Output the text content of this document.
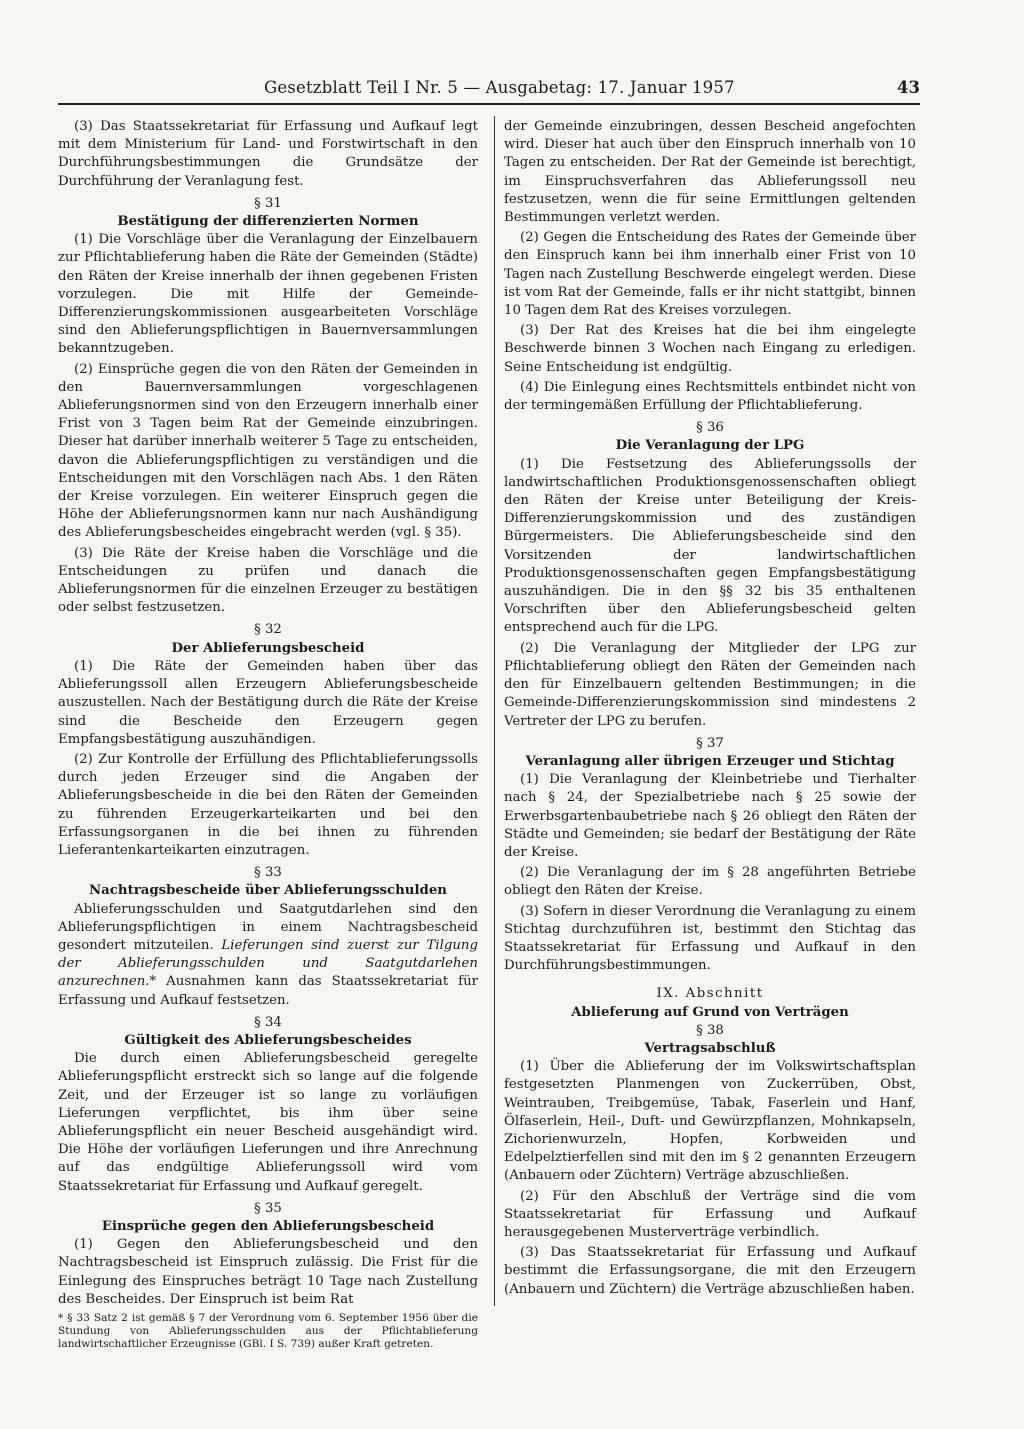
Gesetzblatt Teil I Nr. 5 — Ausgabetag: 17. Januar 1957	43

(3) Das Staatssekretariat für Erfassung und Aufkauf legt mit dem Ministerium für Land- und Forstwirtschaft in den Durchführungsbestimmungen die Grundsätze der Durchführung der Veranlagung fest.

§ 31
Bestätigung der differenzierten Normen

(1) Die Vorschläge über die Veranlagung der Einzelbauern zur Pflichtablieferung haben die Räte der Gemeinden (Städte) den Räten der Kreise innerhalb der ihnen gegebenen Fristen vorzulegen. Die mit Hilfe der Gemeinde-Differenzierungskommissionen ausgearbeiteten Vorschläge sind den Ablieferungspflichtigen in Bauernversammlungen bekanntzugeben.

(2) Einsprüche gegen die von den Räten der Gemeinden in den Bauernversammlungen vorgeschlagenen Ablieferungsnormen sind von den Erzeugern innerhalb einer Frist von 3 Tagen beim Rat der Gemeinde einzubringen. Dieser hat darüber innerhalb weiterer 5 Tage zu entscheiden, davon die Ablieferungspflichtigen zu verständigen und die Entscheidungen mit den Vorschlägen nach Abs. 1 den Räten der Kreise vorzulegen. Ein weiterer Einspruch gegen die Höhe der Ablieferungsnormen kann nur nach Aushändigung des Ablieferungsbescheides eingebracht werden (vgl. § 35).

(3) Die Räte der Kreise haben die Vorschläge und die Entscheidungen zu prüfen und danach die Ablieferungsnormen für die einzelnen Erzeuger zu bestätigen oder selbst festzusetzen.

§ 32
Der Ablieferungsbescheid

(1) Die Räte der Gemeinden haben über das Ablieferungssoll allen Erzeugern Ablieferungsbescheide auszustellen. Nach der Bestätigung durch die Räte der Kreise sind die Bescheide den Erzeugern gegen Empfangsbestätigung auszuhändigen.

(2) Zur Kontrolle der Erfüllung des Pflichtablieferungssolls durch jeden Erzeuger sind die Angaben der Ablieferungsbescheide in die bei den Räten der Gemeinden zu führenden Erzeugerkarteikarten und bei den Erfassungsorganen in die bei ihnen zu führenden Lieferantenkarteikarten einzutragen.

§ 33
Nachtragsbescheide über Ablieferungsschulden

Ablieferungsschulden und Saatgutdarlehen sind den Ablieferungspflichtigen in einem Nachtragsbescheid gesondert mitzuteilen. Lieferungen sind zuerst zur Tilgung der Ablieferungsschulden und Saatgutdarlehen anzurechnen.* Ausnahmen kann das Staatssekretariat für Erfassung und Aufkauf festsetzen.

§ 34
Gültigkeit des Ablieferungsbescheides

Die durch einen Ablieferungsbescheid geregelte Ablieferungspflicht erstreckt sich so lange auf die folgende Zeit, und der Erzeuger ist so lange zu vorläufigen Lieferungen verpflichtet, bis ihm über seine Ablieferungspflicht ein neuer Bescheid ausgehändigt wird. Die Höhe der vorläufigen Lieferungen und ihre Anrechnung auf das endgültige Ablieferungssoll wird vom Staatssekretariat für Erfassung und Aufkauf geregelt.

§ 35
Einsprüche gegen den Ablieferungsbescheid

(1) Gegen den Ablieferungsbescheid und den Nachtragsbescheid ist Einspruch zulässig. Die Frist für die Einlegung des Einspruches beträgt 10 Tage nach Zustellung des Bescheides. Der Einspruch ist beim Rat

* § 33 Satz 2 ist gemäß § 7 der Verordnung vom 6. September 1956 über die Stundung von Ablieferungsschulden aus der Pflichtablieferung landwirtschaftlicher Erzeugnisse (GBl. I S. 739) außer Kraft getreten.

der Gemeinde einzubringen, dessen Bescheid angefochten wird. Dieser hat auch über den Einspruch innerhalb von 10 Tagen zu entscheiden. Der Rat der Gemeinde ist berechtigt, im Einspruchsverfahren das Ablieferungssoll neu festzusetzen, wenn die für seine Ermittlungen geltenden Bestimmungen verletzt werden.

(2) Gegen die Entscheidung des Rates der Gemeinde über den Einspruch kann bei ihm innerhalb einer Frist von 10 Tagen nach Zustellung Beschwerde eingelegt werden. Diese ist vom Rat der Gemeinde, falls er ihr nicht stattgibt, binnen 10 Tagen dem Rat des Kreises vorzulegen.

(3) Der Rat des Kreises hat die bei ihm eingelegte Beschwerde binnen 3 Wochen nach Eingang zu erledigen. Seine Entscheidung ist endgültig.

(4) Die Einlegung eines Rechtsmittels entbindet nicht von der termingemäßen Erfüllung der Pflichtablieferung.

§ 36
Die Veranlagung der LPG

(1) Die Festsetzung des Ablieferungssolls der landwirtschaftlichen Produktionsgenossenschaften obliegt den Räten der Kreise unter Beteiligung der Kreis-Differenzierungskommission und des zuständigen Bürgermeisters. Die Ablieferungsbescheide sind den Vorsitzenden der landwirtschaftlichen Produktionsgenossenschaften gegen Empfangsbestätigung auszuhändigen. Die in den §§ 32 bis 35 enthaltenen Vorschriften über den Ablieferungsbescheid gelten entsprechend auch für die LPG.

(2) Die Veranlagung der Mitglieder der LPG zur Pflichtablieferung obliegt den Räten der Gemeinden nach den für Einzelbauern geltenden Bestimmungen; in die Gemeinde-Differenzierungskommission sind mindestens 2 Vertreter der LPG zu berufen.

§ 37
Veranlagung aller übrigen Erzeuger und Stichtag

(1) Die Veranlagung der Kleinbetriebe und Tierhalter nach § 24, der Spezialbetriebe nach § 25 sowie der Erwerbsgartenbaubetriebe nach § 26 obliegt den Räten der Städte und Gemeinden; sie bedarf der Bestätigung der Räte der Kreise.

(2) Die Veranlagung der im § 28 angeführten Betriebe obliegt den Räten der Kreise.

(3) Sofern in dieser Verordnung die Veranlagung zu einem Stichtag durchzuführen ist, bestimmt den Stichtag das Staatssekretariat für Erfassung und Aufkauf in den Durchführungsbestimmungen.

IX. Abschnitt
Ablieferung auf Grund von Verträgen
§ 38
Vertragsabschluß

(1) Über die Ablieferung der im Volkswirtschaftsplan festgesetzten Planmengen von Zuckerrüben, Obst, Weintrauben, Treibgemüse, Tabak, Faserlein und Hanf, Ölfaserlein, Heil-, Duft- und Gewürzpflanzen, Mohnkapseln, Zichorienwurzeln, Hopfen, Korbweiden und Edelpelztierfellen sind mit den im § 2 genannten Erzeugern (Anbauern oder Züchtern) Verträge abzuschließen.

(2) Für den Abschluß der Verträge sind die vom Staatssekretariat für Erfassung und Aufkauf herausgegebenen Musterverträge verbindlich.

(3) Das Staatssekretariat für Erfassung und Aufkauf bestimmt die Erfassungsorgane, die mit den Erzeugern (Anbauern und Züchtern) die Verträge abzuschließen haben.
